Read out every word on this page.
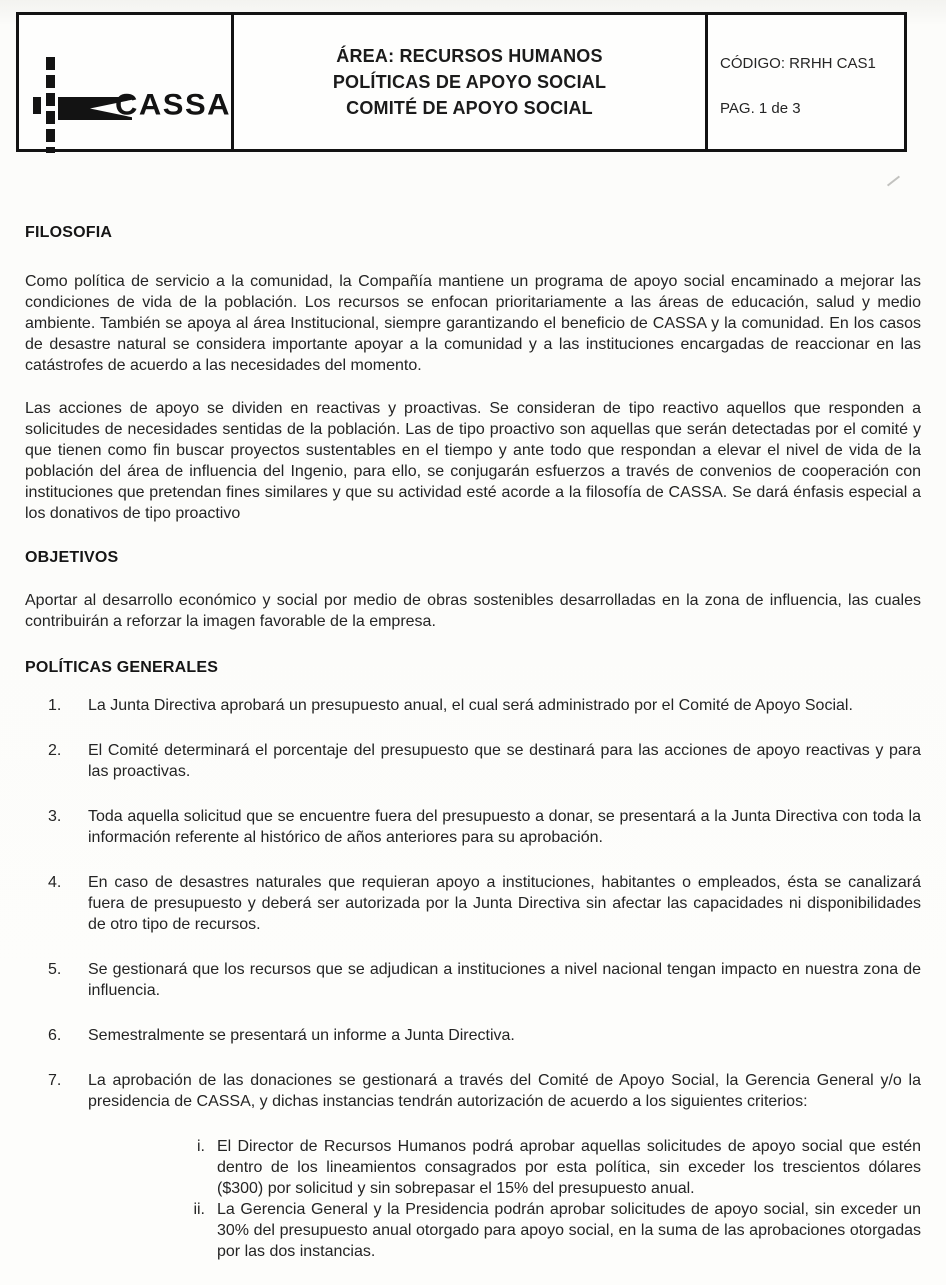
CASSA
ÁREA: RECURSOS HUMANOS
POLÍTICAS DE APOYO SOCIAL
COMITÉ DE APOYO SOCIAL

CÓDIGO: RRHH CAS1

PAG. 1 de 3

FILOSOFIA

Como política de servicio a la comunidad, la Compañía mantiene un programa de apoyo social encaminado a mejorar las condiciones de vida de la población. Los recursos se enfocan prioritariamente a las áreas de educación, salud y medio ambiente. También se apoya al área Institucional, siempre garantizando el beneficio de CASSA y la comunidad. En los casos de desastre natural se considera importante apoyar a la comunidad y a las instituciones encargadas de reaccionar en las catástrofes de acuerdo a las necesidades del momento.

Las acciones de apoyo se dividen en reactivas y proactivas. Se consideran de tipo reactivo aquellos que responden a solicitudes de necesidades sentidas de la población. Las de tipo proactivo son aquellas que serán detectadas por el comité y que tienen como fin buscar proyectos sustentables en el tiempo y ante todo que respondan a elevar el nivel de vida de la población del área de influencia del Ingenio, para ello, se conjugarán esfuerzos a través de convenios de cooperación con instituciones que pretendan fines similares y que su actividad esté acorde a la filosofía de CASSA. Se dará énfasis especial a los donativos de tipo proactivo

OBJETIVOS

Aportar al desarrollo económico y social por medio de obras sostenibles desarrolladas en la zona de influencia, las cuales contribuirán a reforzar la imagen favorable de la empresa.

POLÍTICAS GENERALES

1.	La Junta Directiva aprobará un presupuesto anual, el cual será administrado por el Comité de Apoyo Social.
2.	El Comité determinará el porcentaje del presupuesto que se destinará para las acciones de apoyo reactivas y para las proactivas.
3.	Toda aquella solicitud que se encuentre fuera del presupuesto a donar, se presentará a la Junta Directiva con toda la información referente al histórico de años anteriores para su aprobación.
4.	En caso de desastres naturales que requieran apoyo a instituciones, habitantes o empleados, ésta se canalizará fuera de presupuesto y deberá ser autorizada por la Junta Directiva sin afectar las capacidades ni disponibilidades de otro tipo de recursos.
5.	Se gestionará que los recursos que se adjudican a instituciones a nivel nacional tengan impacto en nuestra zona de influencia.
6.	Semestralmente se presentará un informe a Junta Directiva.
7.	La aprobación de las donaciones se gestionará a través del Comité de Apoyo Social, la Gerencia General y/o la presidencia de CASSA, y dichas instancias tendrán autorización de acuerdo a los siguientes criterios:
i. El Director de Recursos Humanos podrá aprobar aquellas solicitudes de apoyo social que estén dentro de los lineamientos consagrados por esta política, sin exceder los trescientos dólares ($300) por solicitud y sin sobrepasar el 15% del presupuesto anual.
ii. La Gerencia General y la Presidencia podrán aprobar solicitudes de apoyo social, sin exceder un 30% del presupuesto anual otorgado para apoyo social, en la suma de las aprobaciones otorgadas por las dos instancias.
